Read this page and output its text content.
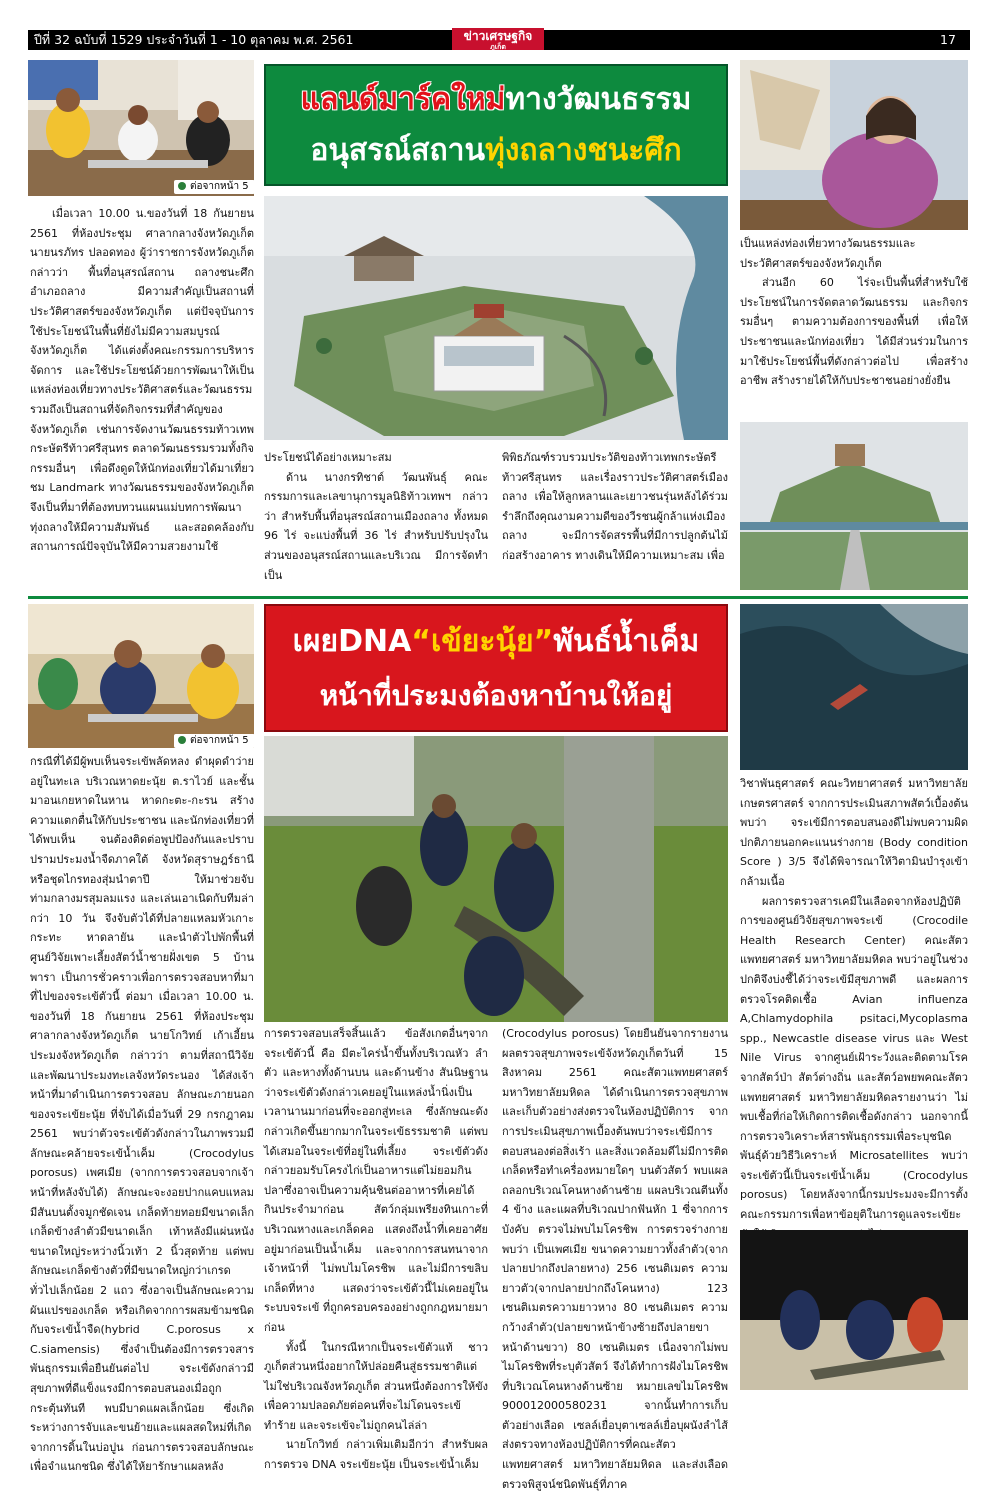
ปีที่ 32 ฉบับที่ 1529 ประจำวันที่ 1 - 10 ตุลาคม พ.ศ. 2561	ข่าวเศรษฐกิจ
ภูเก็ต	17
ต่อจากหน้า 5
แลนด์มาร์คใหม่ทางวัฒนธรรม
อนุสรณ์สถานทุ่งถลางชนะศึก

เมื่อเวลา 10.00 น.ของวันที่ 18 กันยายน 2561 ที่ห้องประชุม ศาลากลางจังหวัดภูเก็ต นายนรภัทร ปลอดทอง ผู้ว่าราชการจังหวัดภูเก็ต กล่าวว่า พื้นที่อนุสรณ์สถาน ถลางชนะศึก อำเภอถลาง มีความสำคัญเป็นสถานที่ประวัติศาสตร์ของจังหวัดภูเก็ต แต่ปัจจุบันการใช้ประโยชน์ในพื้นที่ยังไม่มีความสมบูรณ์ จังหวัดภูเก็ต ได้แต่งตั้งคณะกรรมการบริหารจัดการ และใช้ประโยชน์ด้วยการพัฒนาให้เป็นแหล่งท่องเที่ยวทางประวัติศาสตร์และวัฒนธรรม รวมถึงเป็นสถานที่จัดกิจกรรมที่สำคัญของจังหวัดภูเก็ต เช่นการจัดงานวัฒนธรรมท้าวเทพกระษัตรีท้าวศรีสุนทร ตลาดวัฒนธรรมรวมทั้งกิจกรรมอื่นๆ เพื่อดึงดูดให้นักท่องเที่ยวได้มาเที่ยวชม Landmark ทางวัฒนธรรมของจังหวัดภูเก็ต จึงเป็นที่มาที่ต้องทบทวนแผนแม่บทการพัฒนาทุ่งถลางให้มีความสัมพันธ์ และสอดคล้องกับสถานการณ์ปัจจุบันให้มีความสวยงามใช้

ประโยชน์ได้อย่างเหมาะสม

ด้าน นางกรทิชาต์ วัฒนพันธุ์ คณะกรรมการและเลขานุการมูลนิธิท้าวเทพฯ กล่าวว่า สำหรับพื้นที่อนุสรณ์สถานเมืองถลาง ทั้งหมด 96 ไร่ จะแบ่งพื้นที่ 36 ไร่ สำหรับปรับปรุงในส่วนของอนุสรณ์สถานและบริเวณ มีการจัดทำเป็น

พิพิธภัณฑ์รวบรวมประวัติของท้าวเทพกระษัตรีท้าวศรีสุนทร และเรื่องราวประวัติศาสตร์เมืองถลาง เพื่อให้ลูกหลานและเยาวชนรุ่นหลังได้ร่วมรำลึกถึงคุณงามความดีของวีรชนผู้กล้าแห่งเมืองถลาง จะมีการจัดสรรพื้นที่มีการปลูกต้นไม้ก่อสร้างอาคาร ทางเดินให้มีความเหมาะสม เพื่อ

เป็นแหล่งท่องเที่ยวทางวัฒนธรรมและประวัติศาสตร์ของจังหวัดภูเก็ต

ส่วนอีก 60 ไร่จะเป็นพื้นที่สำหรับใช้ประโยชน์ในการจัดตลาดวัฒนธรรม และกิจกรรมอื่นๆ ตามความต้องการของพื้นที่ เพื่อให้ประชาชนและนักท่องเที่ยว ได้มีส่วนร่วมในการมาใช้ประโยชน์พื้นที่ดังกล่าวต่อไป เพื่อสร้างอาชีพ สร้างรายได้ให้กับประชาชนอย่างยั่งยืน

ต่อจากหน้า 5
เผยDNA“เข้ยะนุ้ย”พันธ์น้ำเค็ม
หน้าที่ประมงต้องหาบ้านให้อยู่

กรณีที่ได้มีผู้พบเห็นจระเข้พลัดหลง ดำผุดดำว่ายอยู่ในทะเล บริเวณหาดยะนุ้ย ต.ราไวย์ และชั้นมาอนเกยหาดในหาน หาดกะตะ-กะรน สร้างความแตกตื่นให้กับประชาชน และนักท่องเที่ยวที่ได้พบเห็น จนต้องติดต่อพูปป้องกันและปราบปรามประมงน้ำจืดภาคใต้ จังหวัดสุราษฎร์ธานี หรือชุดไกรทองสุ่มนำตาปี ให้มาช่วยจับท่ามกลางมรสุมลมแรง และเล่นเอาเนิดกับทีมล่ากว่า 10 วัน จึงจับตัวได้ที่ปลายแหลมหัวเกาะกระทะ หาดลายัน และนำตัวไปพักพื้นที่ ศูนย์วิจัยเพาะเลี้ยงสัตว์น้ำชายฝั่งเขต 5 บ้านพารา เป็นการชั่วคราวเพื่อการตรวจสอบหาที่มาที่ไปของจระเข้ตัวนี้ ต่อมา เมื่อเวลา 10.00 น. ของวันที่ 18 กันยายน 2561 ที่ห้องประชุม ศาลากลางจังหวัดภูเก็ต นายโกวิทย์ เก้าเอี้ยน ประมงจังหวัดภูเก็ต กล่าวว่า ตามที่สถานีวิจัยและพัฒนาประมงทะเลจังหวัดระนอง ได้ส่งเจ้าหน้าที่มาดำเนินการตรวจสอบ ลักษณะภายนอกของจระเข้ยะนุ้ย ที่จับได้เมื่อวันที่ 29 กรกฎาคม 2561 พบว่าตัวจระเข้ตัวดังกล่าวในภาพรวมมีลักษณะคล้ายจระเข้น้ำเค็ม (Crocodylus porosus) เพศเมีย (จากการตรวจสอบจากเจ้าหน้าที่หลังจับได้) ลักษณะจะงอยปากแคบแหลม มีสันบนตั้งจมูกชัดเจน เกล็ดท้ายทอยมีขนาดเล็ก เกล็ดข้างลำตัวมีขนาดเล็ก เท้าหลังมีแผ่นหนังขนาดใหญ่ระหว่างนิ้วเท้า 2 นิ้วสุดท้าย แต่พบลักษณะเกล็ดข้างตัวที่มีขนาดใหญ่กว่าเกรดทั่วไปเล็กน้อย 2 แถว ซึ่งอาจเป็นลักษณะความผันแปรของเกล็ด หรือเกิดจากการผสมข้ามชนิดกับจระเข้น้ำจืด(hybrid C.porosus x C.siamensis) ซึ่งจำเป็นต้องมีการตรวจสารพันธุกรรมเพื่อยืนยันต่อไป จระเข้ดังกล่าวมีสุขภาพที่ดีแข็งแรงมีการตอบสนองเมื่อถูกกระตุ้นทันที พบมีบาดแผลเล็กน้อย ซึ่งเกิดระหว่างการจับและขนย้ายและแผลสดใหม่ที่เกิดจากการดิ้นในบ่อปูน ก่อนการตรวจสอบลักษณะเพื่อจำแนกชนิด ซึ่งได้ให้ยารักษาแผลหลัง

การตรวจสอบเสร็จสิ้นแล้ว ข้อสังเกตอื่นๆจากจระเข้ตัวนี้ คือ มีตะไคร่น้ำขึ้นทั้งบริเวณหัว ลำตัว และหางทั้งด้านบน และด้านข้าง สันนิษฐานว่าจระเข้ตัวดังกล่าวเคยอยู่ในแหล่งน้ำนิ่งเป็นเวลานานมาก่อนที่จะออกสู่ทะเล ซึ่งลักษณะดังกล่าวเกิดขึ้นยากมากในจระเข้ธรรมชาติ แต่พบได้เสมอในจระเข้ที่อยู่ในที่เลี้ยง จระเข้ตัวดังกล่าวยอมรับโครงไก่เป็นอาหารแต่ไม่ยอมกินปลาซึ่งอาจเป็นความคุ้นชินต่ออาหารที่เคยได้กินประจำมาก่อน สัตว์กลุ่มเพรียงทินเกาะที่บริเวณหางและเกล็ดคอ แสดงถึงน้ำที่เคยอาศัยอยู่มาก่อนเป็นน้ำเค็ม และจากการสนทนาจากเจ้าหน้าที่ ไม่พบไมโครชิพ และไม่มีการขลิบเกล็ดที่หาง แสดงว่าจระเข้ตัวนี้ไม่เคยอยู่ในระบบจระเข้ ที่ถูกครอบครองอย่างถูกกฎหมายมาก่อน

ทั้งนี้ ในกรณีหากเป็นจระเข้ตัวแท้ ชาวภูเก็ตส่วนหนึ่งอยากให้ปล่อยคืนสู่ธรรมชาติแต่ไม่ใช่บริเวณจังหวัดภูเก็ต ส่วนหนึ่งต้องการให้ขังเพื่อความปลอดภัยต่อคนที่จะไม่โดนจระเข้ทำร้าย และจระเข้จะไม่ถูกคนไล่ล่า

นายโกวิทย์ กล่าวเพิ่มเติมอีกว่า สำหรับผลการตรวจ DNA จระเข้ยะนุ้ย เป็นจระเข้น้ำเค็ม

(Crocodylus porosus) โดยยืนยันจากรายงานผลตรวจสุขภาพจระเข้จังหวัดภูเก็ตวันที่ 15 สิงหาคม 2561 คณะสัตวแพทยศาสตร์ มหาวิทยาลัยมหิดล ได้ดำเนินการตรวจสุขภาพและเก็บตัวอย่างส่งตรวจในห้องปฏิบัติการ จากการประเมินสุขภาพเบื้องต้นพบว่าจระเข้มีการตอบสนองต่อสิ่งเร้า และสิ่งแวดล้อมดีไม่มีการติดเกล็ดหรือทำเครื่องหมายใดๆ บนตัวสัตว์ พบแผลถลอกบริเวณโคนหางด้านซ้าย แผลบริเวณตีนทั้ง 4 ข้าง และแผลที่บริเวณปากฟันหัก 1 ซี่จากการบังคับ ตรวจไม่พบไมโครชิพ การตรวจร่างกายพบว่า เป็นเพศเมีย ขนาดความยาวทั้งลำตัว(จากปลายปากถึงปลายหาง) 256 เซนติเมตร ความยาวตัว(จากปลายปากถึงโคนหาง) 123 เซนติเมตรความยาวหาง 80 เซนติเมตร ความกว้างลำตัว(ปลายขาหน้าข้างซ้ายถึงปลายขาหน้าด้านขวา) 80 เซนติเมตร เนื่องจากไม่พบไมโครชิพที่ระบุตัวสัตว์ จึงได้ทำการฝังไมโครชิพที่บริเวณโคนหางด้านซ้าย หมายเลขไมโครชิพ 900012000580231 จากนั้นทำการเก็บตัวอย่างเลือด เซลล์เยื่อบุตาเซลล์เยื่อบุผนังลำไส้ ส่งตรวจทางห้องปฏิบัติการที่คณะสัตวแพทยศาสตร์ มหาวิทยาลัยมหิดล และส่งเลือดตรวจพิสูจน์ชนิดพันธุ์ที่ภาค

วิชาพันธุศาสตร์ คณะวิทยาศาสตร์ มหาวิทยาลัยเกษตรศาสตร์ จากการประเมินสภาพสัตว์เบื้องต้นพบว่า จระเข้มีการตอบสนองดีไม่พบความผิดปกติภายนอกคะแนนร่างกาย (Body condition Score ) 3/5 จึงได้พิจารณาให้วิตามินบำรุงเข้ากล้ามเนื้อ

ผลการตรวจสารเคมีในเลือดจากห้องปฏิบัติการของศูนย์วิจัยสุขภาพจระเข้ (Crocodile Health Research Center) คณะสัตวแพทยศาสตร์ มหาวิทยาลัยมหิดล พบว่าอยู่ในช่วงปกติจึงบ่งชี้ได้ว่าจระเข้มีสุขภาพดี และผลการตรวจโรคติดเชื้อ Avian influenza A,Chlamydophila psitaci,Mycoplasma spp., Newcastle disease virus และ West Nile Virus จากศูนย์เฝ้าระวังและติดตามโรคจากสัตว์ป่า สัตว์ต่างถิ่น และสัตว์อพยพคณะสัตวแพทยศาสตร์ มหาวิทยาลัยมหิดลรายงานว่า ไม่พบเชื้อที่ก่อให้เกิดการติดเชื้อดังกล่าว นอกจากนี้การตรวจวิเคราะห์สารพันธุกรรมเพื่อระบุชนิดพันธุ์ด้วยวิธีวิเคราะห์ Microsatellites พบว่าจระเข้ตัวนี้เป็นจระเข้น้ำเค็ม (Crocodylus porosus) โดยหลังจากนี้กรมประมงจะมีการตั้งคณะกรรมการเพื่อหาข้อยุติในการดูแลจระเข้ยะ
